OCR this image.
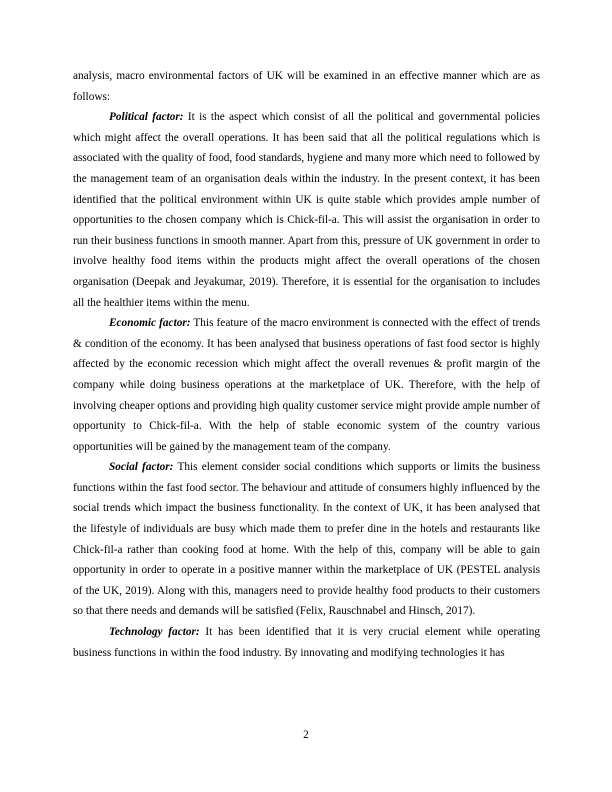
analysis, macro environmental factors of UK will be examined in an effective manner which are as follows:

Political factor: It is the aspect which consist of all the political and governmental policies which might affect the overall operations. It has been said that all the political regulations which is associated with the quality of food, food standards, hygiene and many more which need to followed by the management team of an organisation deals within the industry. In the present context, it has been identified that the political environment within UK is quite stable which provides ample number of opportunities to the chosen company which is Chick-fil-a. This will assist the organisation in order to run their business functions in smooth manner. Apart from this, pressure of UK government in order to involve healthy food items within the products might affect the overall operations of the chosen organisation (Deepak and Jeyakumar, 2019). Therefore, it is essential for the organisation to includes all the healthier items within the menu.

Economic factor: This feature of the macro environment is connected with the effect of trends & condition of the economy. It has been analysed that business operations of fast food sector is highly affected by the economic recession which might affect the overall revenues & profit margin of the company while doing business operations at the marketplace of UK. Therefore, with the help of involving cheaper options and providing high quality customer service might provide ample number of opportunity to Chick-fil-a. With the help of stable economic system of the country various opportunities will be gained by the management team of the company.

Social factor: This element consider social conditions which supports or limits the business functions within the fast food sector. The behaviour and attitude of consumers highly influenced by the social trends which impact the business functionality. In the context of UK, it has been analysed that the lifestyle of individuals are busy which made them to prefer dine in the hotels and restaurants like Chick-fil-a rather than cooking food at home. With the help of this, company will be able to gain opportunity in order to operate in a positive manner within the marketplace of UK (PESTEL analysis of the UK, 2019). Along with this, managers need to provide healthy food products to their customers so that there needs and demands will be satisfied (Felix, Rauschnabel and Hinsch, 2017).

Technology factor: It has been identified that it is very crucial element while operating business functions in within the food industry. By innovating and modifying technologies it has

2
